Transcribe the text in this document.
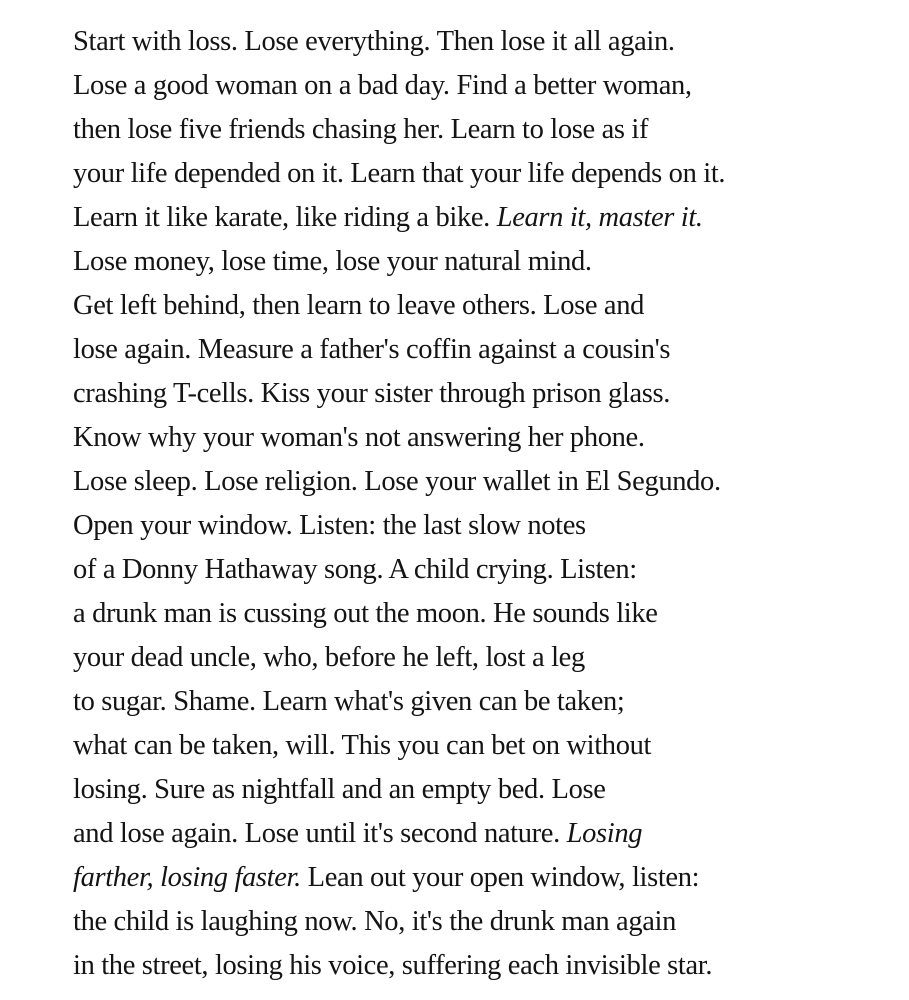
Start with loss. Lose everything. Then lose it all again.
Lose a good woman on a bad day. Find a better woman,
then lose five friends chasing her. Learn to lose as if
your life depended on it. Learn that your life depends on it.
Learn it like karate, like riding a bike. Learn it, master it.
Lose money, lose time, lose your natural mind.
Get left behind, then learn to leave others. Lose and
lose again. Measure a father's coffin against a cousin's
crashing T-cells. Kiss your sister through prison glass.
Know why your woman's not answering her phone.
Lose sleep. Lose religion. Lose your wallet in El Segundo.
Open your window. Listen: the last slow notes
of a Donny Hathaway song. A child crying. Listen:
a drunk man is cussing out the moon. He sounds like
your dead uncle, who, before he left, lost a leg
to sugar. Shame. Learn what's given can be taken;
what can be taken, will. This you can bet on without
losing. Sure as nightfall and an empty bed. Lose
and lose again. Lose until it's second nature. Losing
farther, losing faster. Lean out your open window, listen:
the child is laughing now. No, it's the drunk man again
in the street, losing his voice, suffering each invisible star.
